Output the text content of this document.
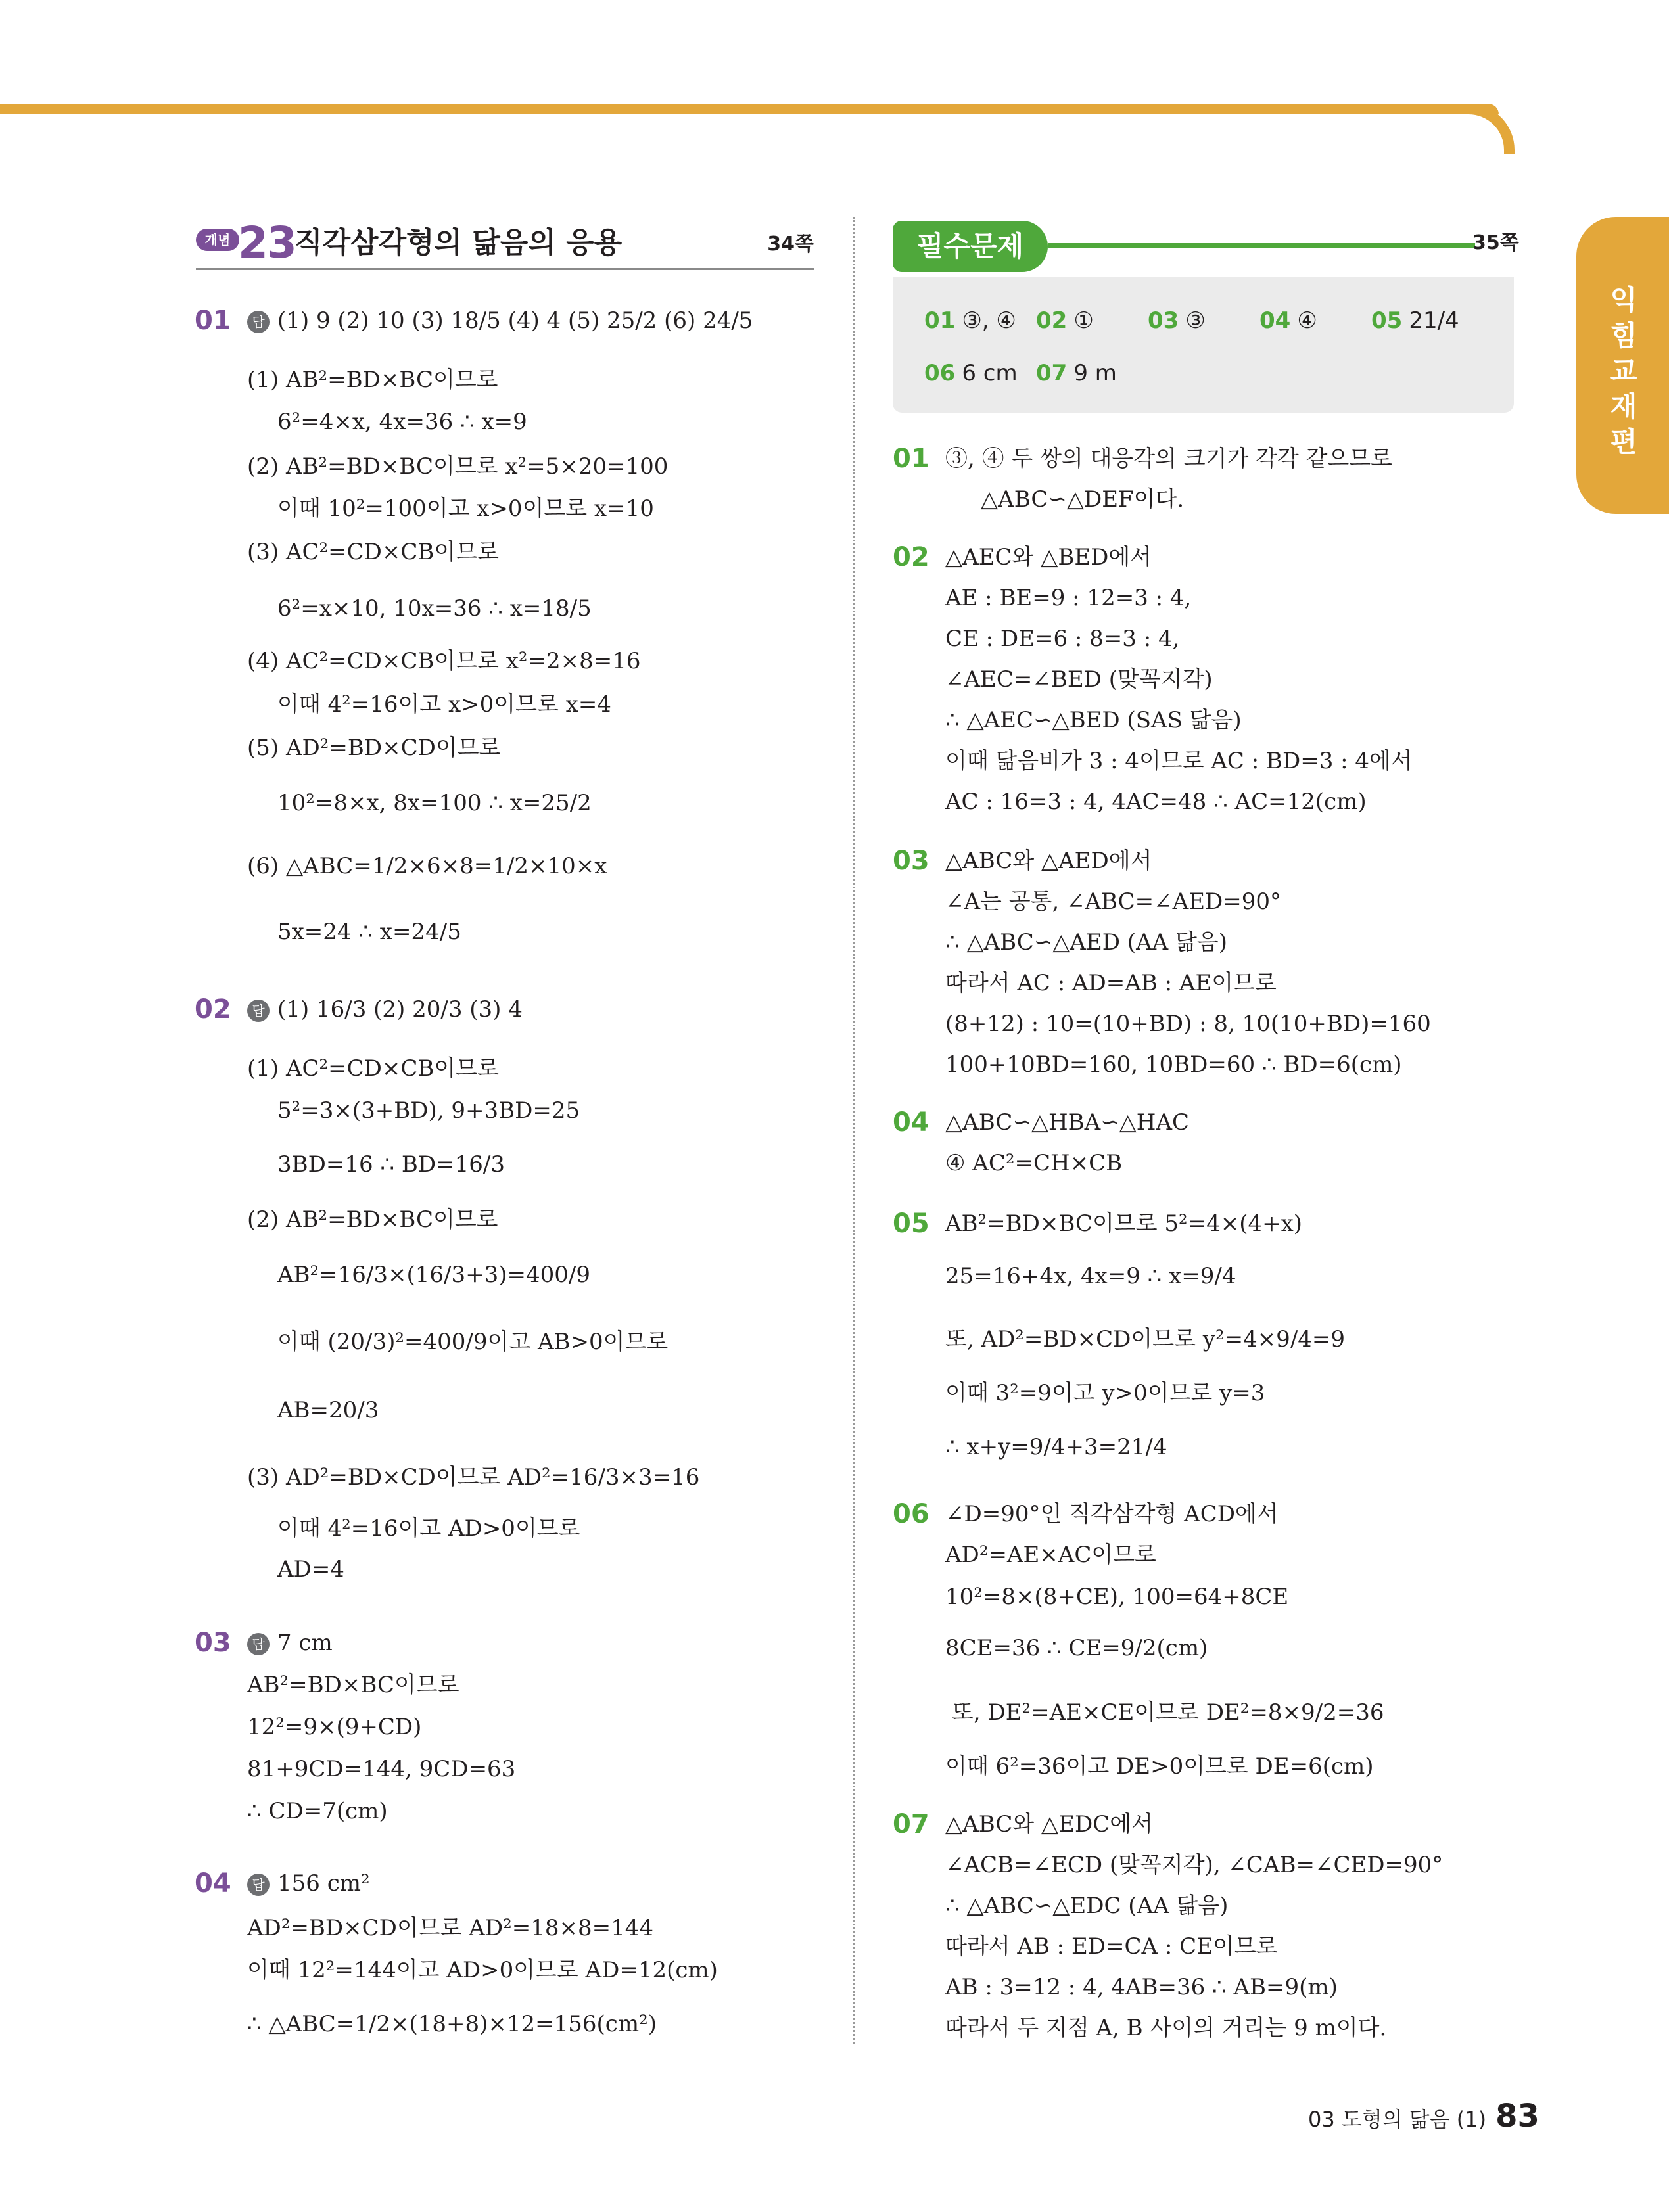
익힘교재편
개념 23
직각삼각형의 닮음의 응용	34쪽	필수문제	35쪽
01 ③, ④ 02 ① 03 ③ 04 ④ 05 21/4
06 6 cm 07 9 m
01	답 (1) 9 (2) 10 (3) 18/5 (4) 4 (5) 25/2 (6) 24/5
(1) AB²=BD×BC이므로
6²=4×x, 4x=36 ∴ x=9
(2) AB²=BD×BC이므로 x²=5×20=100
이때 10²=100이고 x>0이므로 x=10
(3) AC²=CD×CB이므로
6²=x×10, 10x=36 ∴ x=18/5
(4) AC²=CD×CB이므로 x²=2×8=16
이때 4²=16이고 x>0이므로 x=4
(5) AD²=BD×CD이므로
10²=8×x, 8x=100 ∴ x=25/2
(6) △ABC=1/2×6×8=1/2×10×x
5x=24 ∴ x=24/5
02	답 (1) 16/3 (2) 20/3 (3) 4
(1) AC²=CD×CB이므로
5²=3×(3+BD), 9+3BD=25
3BD=16 ∴ BD=16/3
(2) AB²=BD×BC이므로
AB²=16/3×(16/3+3)=400/9
이때 (20/3)²=400/9이고 AB>0이므로
AB=20/3
(3) AD²=BD×CD이므로 AD²=16/3×3=16
이때 4²=16이고 AD>0이므로
AD=4
03	답 7 cm
AB²=BD×BC이므로
12²=9×(9+CD)
81+9CD=144, 9CD=63
∴ CD=7(cm)
04	답 156 cm²
AD²=BD×CD이므로 AD²=18×8=144
이때 12²=144이고 AD>0이므로 AD=12(cm)
∴ △ABC=1/2×(18+8)×12=156(cm²)
01 ③, ④ 두 쌍의 대응각의 크기가 각각 같으므로
△ABC∽△DEF이다.
02 △AEC와 △BED에서
AE : BE=9 : 12=3 : 4,
CE : DE=6 : 8=3 : 4,
∠AEC=∠BED (맞꼭지각)
∴ △AEC∽△BED (SAS 닮음)
이때 닮음비가 3 : 4이므로 AC : BD=3 : 4에서
AC : 16=3 : 4, 4AC=48 ∴ AC=12(cm)
03 △ABC와 △AED에서
∠A는 공통, ∠ABC=∠AED=90°
∴ △ABC∽△AED (AA 닮음)
따라서 AC : AD=AB : AE이므로
(8+12) : 10=(10+BD) : 8, 10(10+BD)=160
100+10BD=160, 10BD=60 ∴ BD=6(cm)
04 △ABC∽△HBA∽△HAC
④ AC²=CH×CB
05 AB²=BD×BC이므로 5²=4×(4+x)
25=16+4x, 4x=9 ∴ x=9/4
또, AD²=BD×CD이므로 y²=4×9/4=9
이때 3²=9이고 y>0이므로 y=3
∴ x+y=9/4+3=21/4
06 ∠D=90°인 직각삼각형 ACD에서
AD²=AE×AC이므로
10²=8×(8+CE), 100=64+8CE
8CE=36 ∴ CE=9/2(cm)
또, DE²=AE×CE이므로 DE²=8×9/2=36
이때 6²=36이고 DE>0이므로 DE=6(cm)
07 △ABC와 △EDC에서
∠ACB=∠ECD (맞꼭지각), ∠CAB=∠CED=90°
∴ △ABC∽△EDC (AA 닮음)
따라서 AB : ED=CA : CE이므로
AB : 3=12 : 4, 4AB=36 ∴ AB=9(m)
따라서 두 지점 A, B 사이의 거리는 9 m이다.
03 도형의 닮음 (1) 83
